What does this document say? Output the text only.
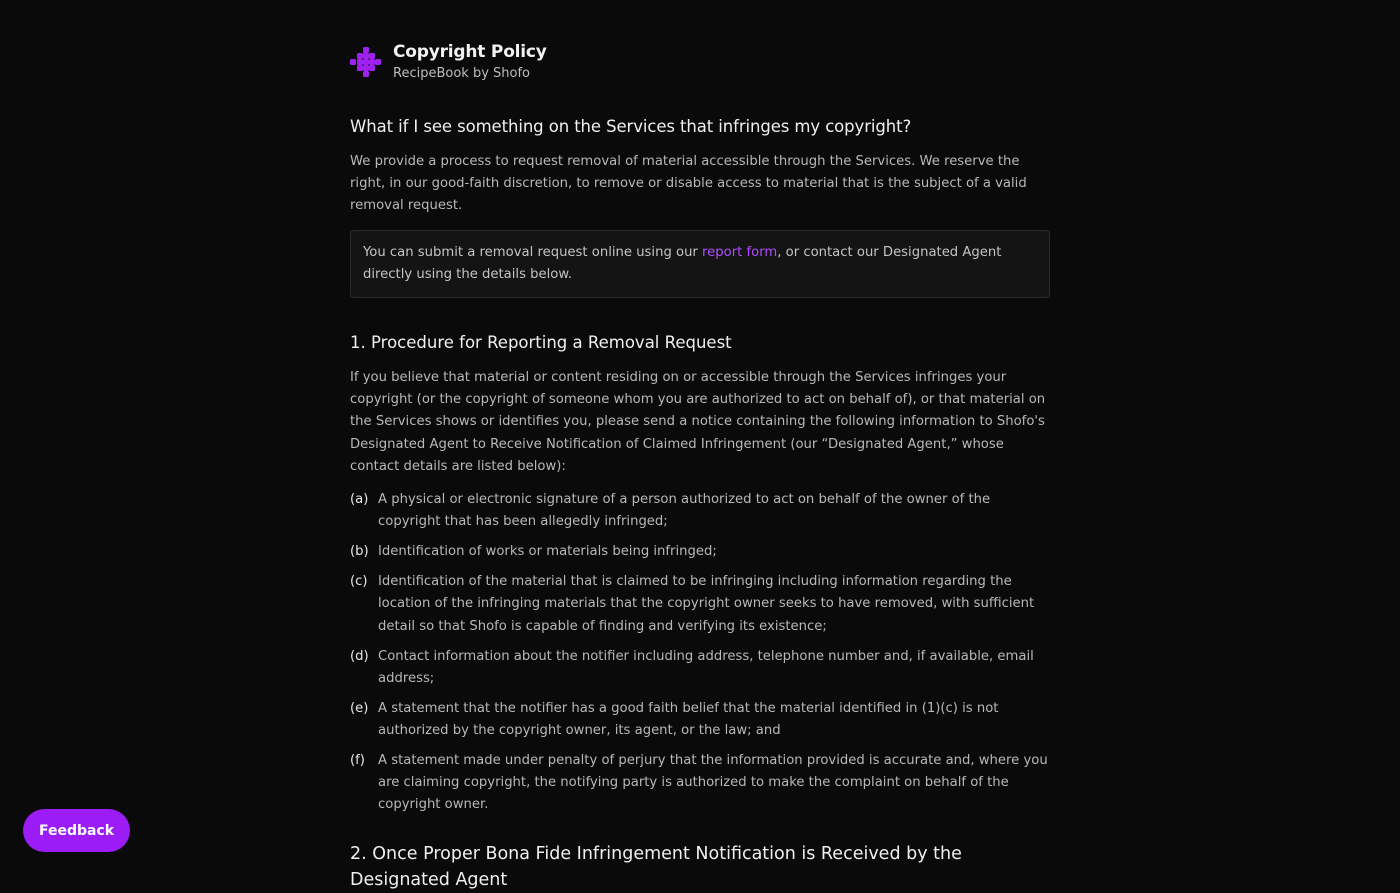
Copyright Policy
RecipeBook by Shofo
What if I see something on the Services that infringes my copyright?

We provide a process to request removal of material accessible through the Services. We reserve the right, in our good-faith discretion, to remove or disable access to material that is the subject of a valid removal request.

You can submit a removal request online using our report form, or contact our Designated Agent directly using the details below.
1. Procedure for Reporting a Removal Request

If you believe that material or content residing on or accessible through the Services infringes your copyright (or the copyright of someone whom you are authorized to act on behalf of), or that material on the Services shows or identifies you, please send a notice containing the following information to Shofo's Designated Agent to Receive Notification of Claimed Infringement (our “Designated Agent,” whose contact details are listed below):

(a) A physical or electronic signature of a person authorized to act on behalf of the owner of the copyright that has been allegedly infringed;
(b) Identification of works or materials being infringed;
(c) Identification of the material that is claimed to be infringing including information regarding the location of the infringing materials that the copyright owner seeks to have removed, with sufficient detail so that Shofo is capable of finding and verifying its existence;
(d) Contact information about the notifier including address, telephone number and, if available, email address;
(e) A statement that the notifier has a good faith belief that the material identified in (1)(c) is not authorized by the copyright owner, its agent, or the law; and
(f) A statement made under penalty of perjury that the information provided is accurate and, where you are claiming copyright, the notifying party is authorized to make the complaint on behalf of the copyright owner.
2. Once Proper Bona Fide Infringement Notification is Received by the Designated Agent
Feedback
